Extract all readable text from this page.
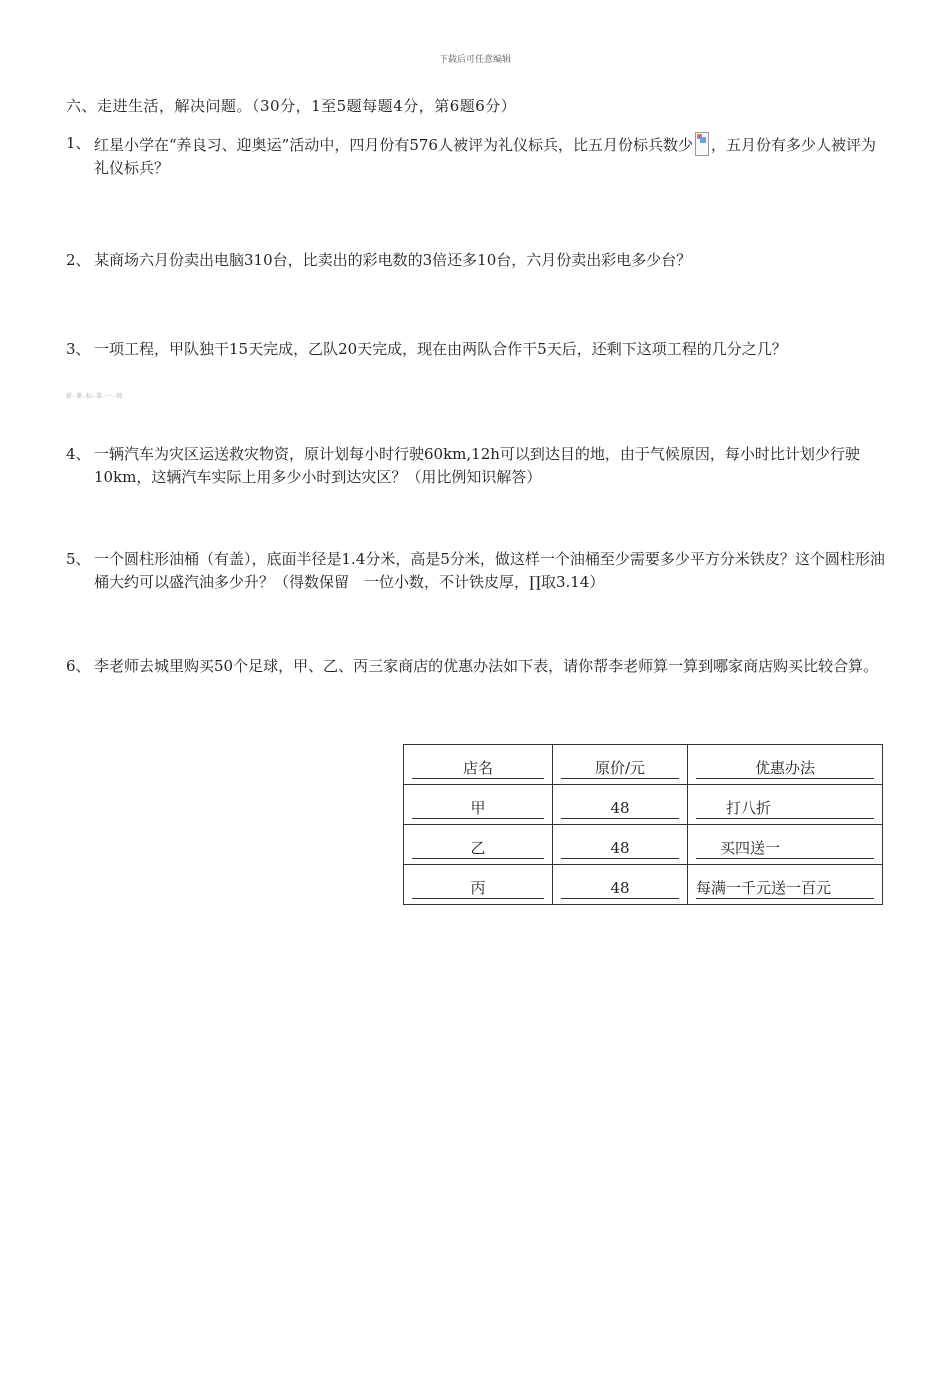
下载后可任意编辑
六、走进生活，解决问题。（30分，1至5题每题4分，第6题6分）
1、 红星小学在“养良习、迎奥运”活动中，四月份有576人被评为礼仪标兵，比五月份标兵数少 ，五月份有多少人被评为礼仪标兵？
2、 某商场六月份卖出电脑310台，比卖出的彩电数的3倍还多10台，六月份卖出彩电多少台？
3、 一项工程，甲队独干15天完成，乙队20天完成，现在由两队合作干5天后，还剩下这项工程的几分之几？
新-课-标-第-一-网
4、 一辆汽车为灾区运送救灾物资，原计划每小时行驶60km,12h可以到达目的地，由于气候原因，每小时比计划少行驶10km，这辆汽车实际上用多少小时到达灾区？（用比例知识解答）
5、 一个圆柱形油桶（有盖），底面半径是1.4分米，高是5分米，做这样一个油桶至少需要多少平方分米铁皮？这个圆柱形油桶大约可以盛汽油多少升？（得数保留　一位小数，不计铁皮厚，∏取3.14）
6、 李老师去城里购买50个足球，甲、乙、丙三家商店的优惠办法如下表，请你帮李老师算一算到哪家商店购买比较合算。
店名	原价/元	优惠办法

甲	48	打八折

乙	48	买四送一

丙	48	每满一千元送一百元
